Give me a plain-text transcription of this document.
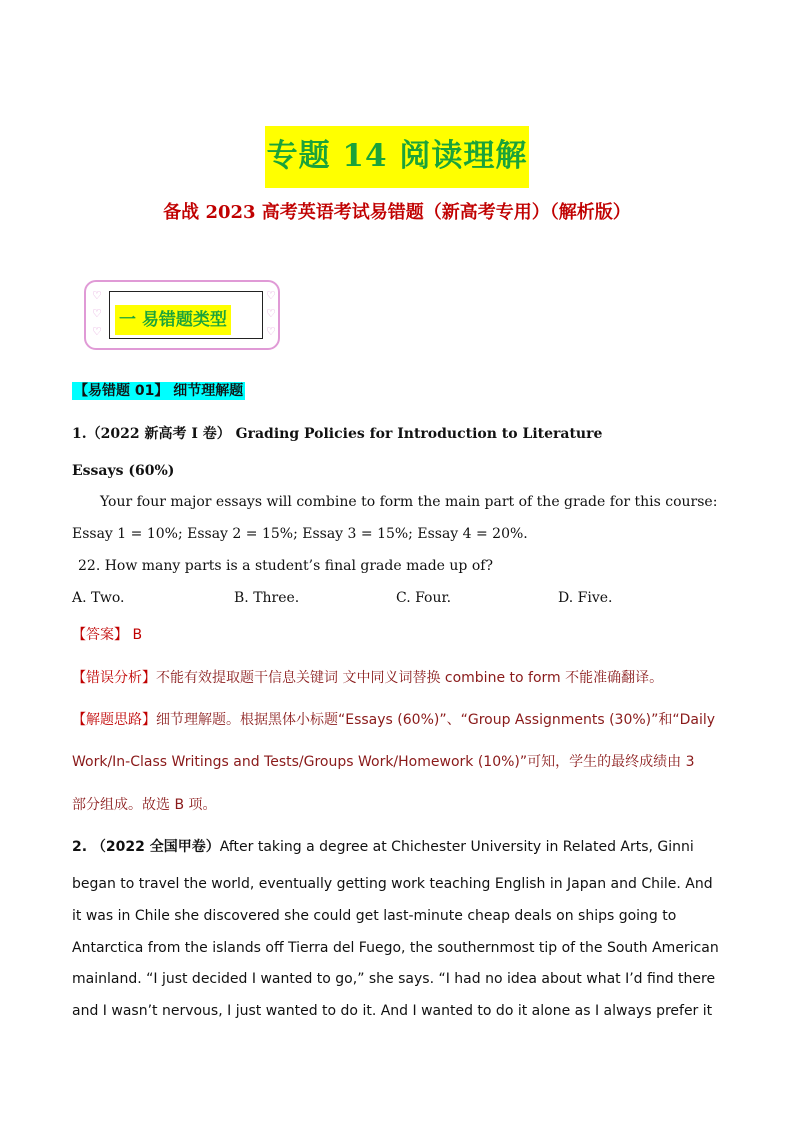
专题 14 阅读理解
备战 2023 高考英语考试易错题（新高考专用）（解析版）
♡
♡
♡
♡
♡
♡
一 易错题类型
【易错题 01】 细节理解题
1.（2022 新高考 I 卷） Grading Policies for Introduction to Literature
Essays (60%)
Your four major essays will combine to form the main part of the grade for this course:
Essay 1 = 10%; Essay 2 = 15%; Essay 3 = 15%; Essay 4 = 20%.
22. How many parts is a student’s final grade made up of?
A. Two.	B. Three.	C. Four.	D. Five.
【答案】 B
【错误分析】不能有效提取题干信息关键词 文中同义词替换 combine to form 不能准确翻译。
【解题思路】细节理解题。根据黑体小标题“Essays (60%)”、“Group Assignments (30%)”和“Daily
Work/In-Class Writings and Tests/Groups Work/Homework (10%)”可知，学生的最终成绩由 3
部分组成。故选 B 项。
2. （2022 全国甲卷）After taking a degree at Chichester University in Related Arts, Ginni
began to travel the world, eventually getting work teaching English in Japan and Chile. And
it was in Chile she discovered she could get last-minute cheap deals on ships going to
Antarctica from the islands off Tierra del Fuego, the southernmost tip of the South American
mainland. “I just decided I wanted to go,” she says. “I had no idea about what I’d find there
and I wasn’t nervous, I just wanted to do it. And I wanted to do it alone as I always prefer it
